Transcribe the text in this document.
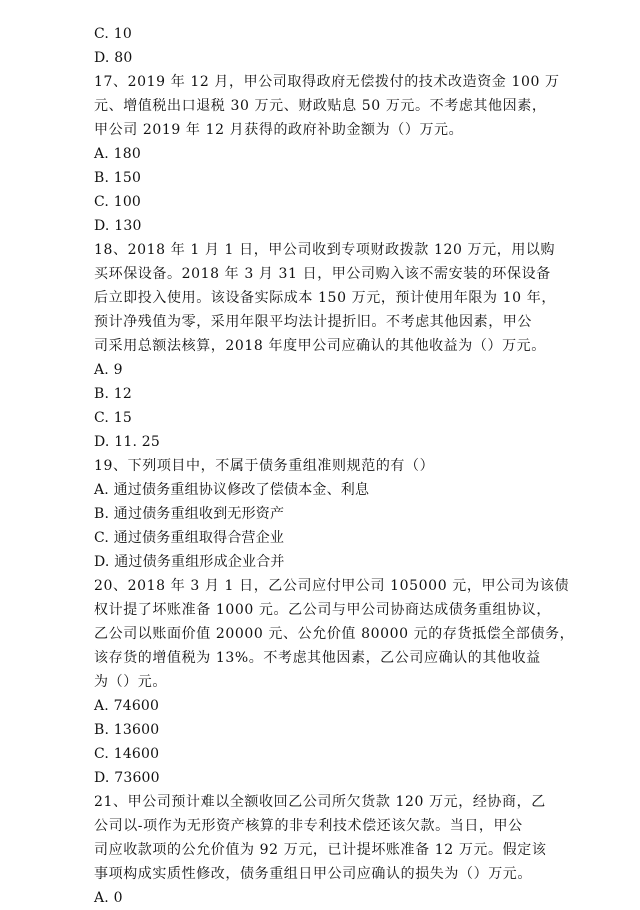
C. 10
D. 80
17、2019 年 12 月，甲公司取得政府无偿拨付的技术改造资金 100 万
元、增值税出口退税 30 万元、财政贴息 50 万元。不考虑其他因素，
甲公司 2019 年 12 月获得的政府补助金额为（）万元。
A. 180
B. 150
C. 100
D. 130
18、2018 年 1 月 1 日，甲公司收到专项财政拨款 120 万元，用以购
买环保设备。2018 年 3 月 31 日，甲公司购入该不需安装的环保设备
后立即投入使用。该设备实际成本 150 万元，预计使用年限为 10 年，
预计净残值为零，采用年限平均法计提折旧。不考虑其他因素，甲公
司采用总额法核算，2018 年度甲公司应确认的其他收益为（）万元。
A. 9
B. 12
C. 15
D. 11. 25
19、下列项目中，不属于债务重组准则规范的有（）
A. 通过债务重组协议修改了偿债本金、利息
B. 通过债务重组收到无形资产
C. 通过债务重组取得合营企业
D. 通过债务重组形成企业合并
20、2018 年 3 月 1 日，乙公司应付甲公司 105000 元，甲公司为该债
权计提了坏账准备 1000 元。乙公司与甲公司协商达成债务重组协议，
乙公司以账面价值 20000 元、公允价值 80000 元的存货抵偿全部债务，
该存货的增值税为 13%。不考虑其他因素，乙公司应确认的其他收益
为（）元。
A. 74600
B. 13600
C. 14600
D. 73600
21、甲公司预计难以全额收回乙公司所欠货款 120 万元，经协商，乙
公司以-项作为无形资产核算的非专利技术偿还该欠款。当日，甲公
司应收款项的公允价值为 92 万元，已计提坏账准备 12 万元。假定该
事项构成实质性修改，债务重组日甲公司应确认的损失为（）万元。
A. 0
